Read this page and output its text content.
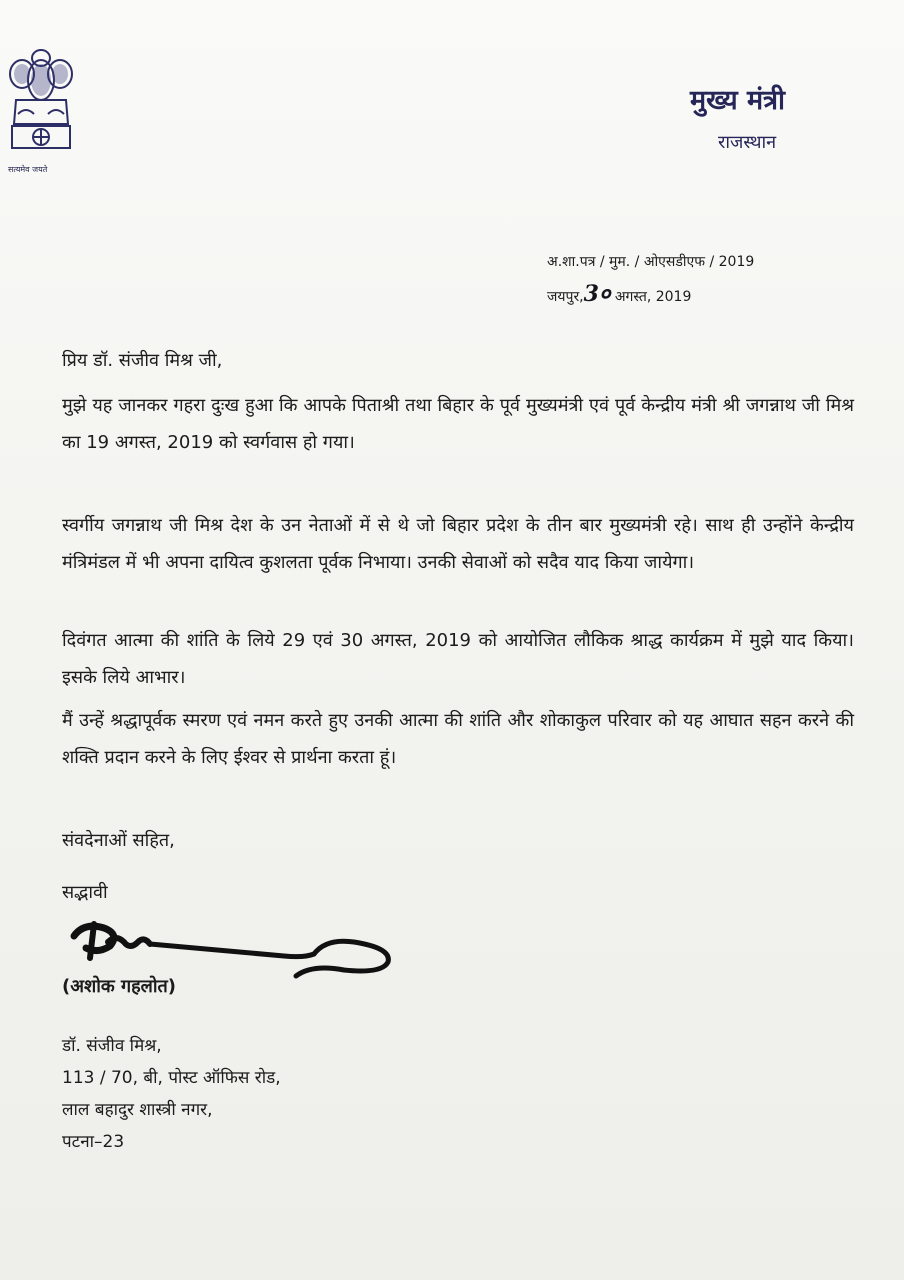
सत्यमेव जयते
मुख्य मंत्री
राजस्थान
अ.शा.पत्र / मुम. / ओएसडीएफ / 2019
जयपुर,3० अगस्त, 2019

प्रिय डॉ. संजीव मिश्र जी,

मुझे यह जानकर गहरा दुःख हुआ कि आपके पिताश्री तथा बिहार के पूर्व मुख्यमंत्री एवं पूर्व केन्द्रीय मंत्री श्री जगन्नाथ जी मिश्र का 19 अगस्त, 2019 को स्वर्गवास हो गया।

स्वर्गीय जगन्नाथ जी मिश्र देश के उन नेताओं में से थे जो बिहार प्रदेश के तीन बार मुख्यमंत्री रहे। साथ ही उन्होंने केन्द्रीय मंत्रिमंडल में भी अपना दायित्व कुशलता पूर्वक निभाया। उनकी सेवाओं को सदैव याद किया जायेगा।

दिवंगत आत्मा की शांति के लिये 29 एवं 30 अगस्त, 2019 को आयोजित लौकिक श्राद्ध कार्यक्रम में मुझे याद किया। इसके लिये आभार।

मैं उन्हें श्रद्धापूर्वक स्मरण एवं नमन करते हुए उनकी आत्मा की शांति और शोकाकुल परिवार को यह आघात सहन करने की शक्ति प्रदान करने के लिए ईश्वर से प्रार्थना करता हूं।

संवदेनाओं सहित,
सद्भावी
(अशोक गहलोत)
डॉ. संजीव मिश्र,
113 / 70, बी, पोस्ट ऑफिस रोड,
लाल बहादुर शास्त्री नगर,
पटना–23
